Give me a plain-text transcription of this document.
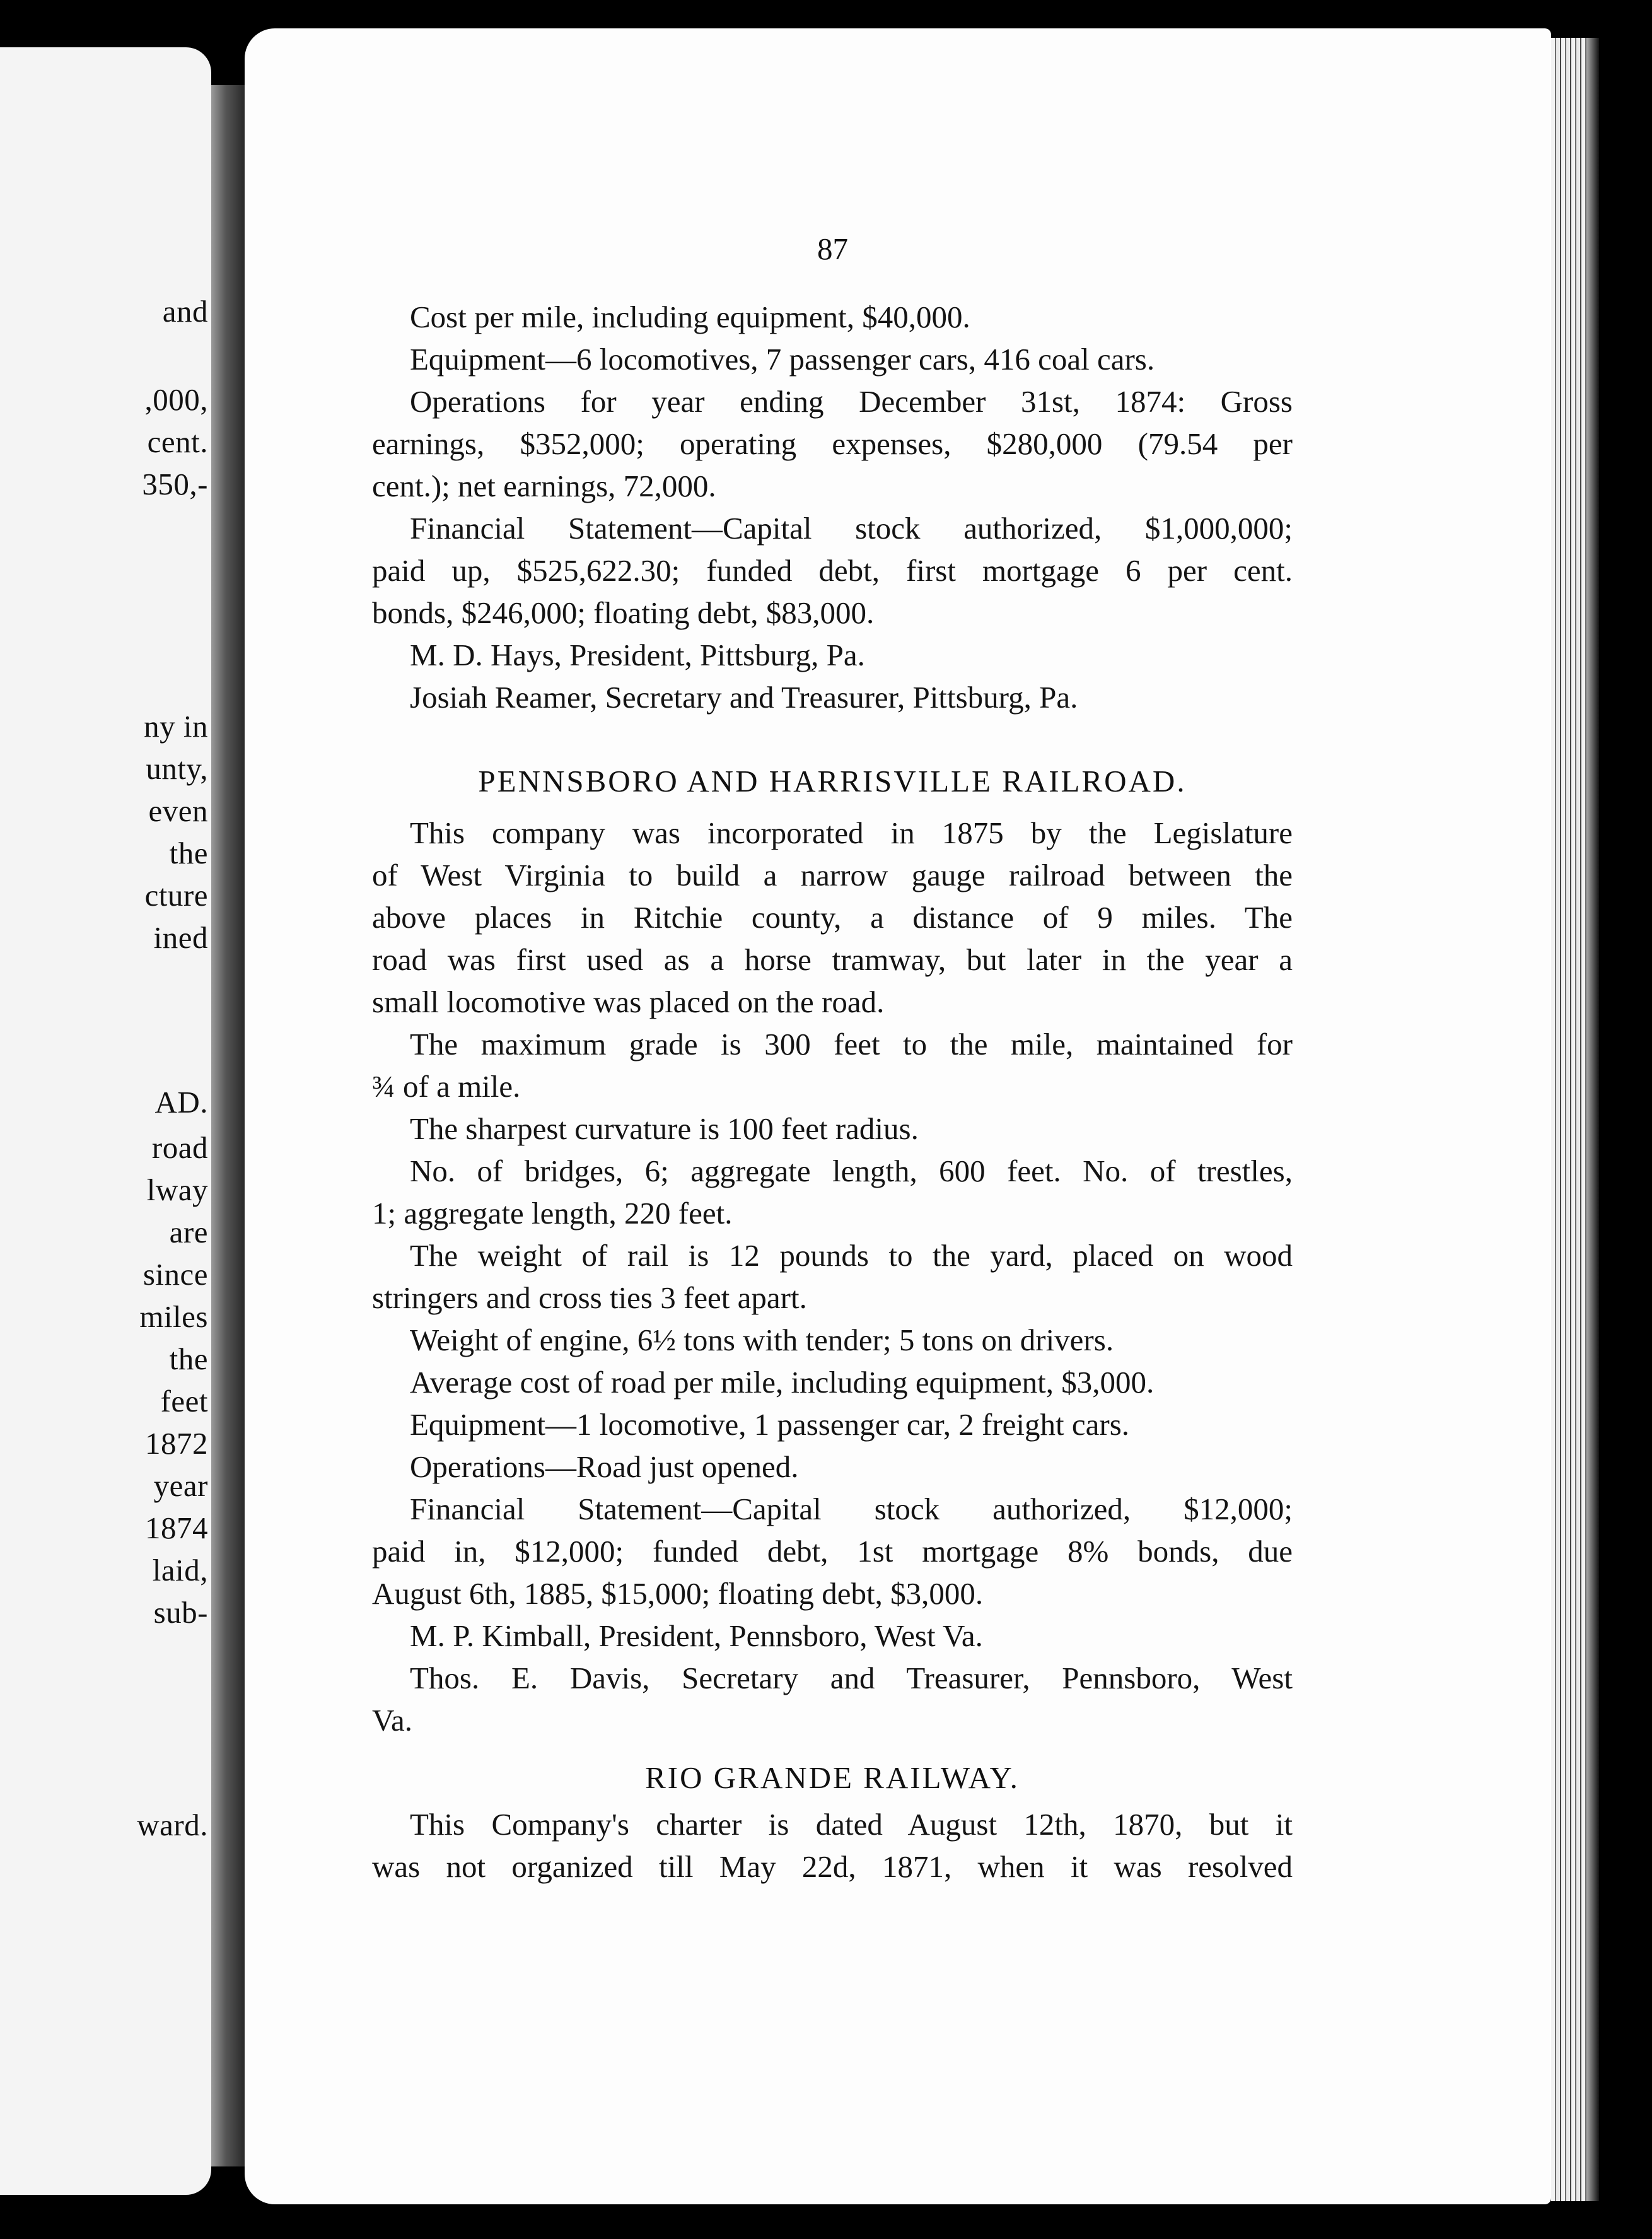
and
,000,
cent.
350,-
ny in
unty,
even
the
cture
ined
AD.
road
lway
are
since
miles
the
feet
1872
year
1874
laid,
sub-
ward.
87
Cost per mile, including equipment, $40,000.
Equipment—6 locomotives, 7 passenger cars, 416 coal cars.
Operations for year ending December 31st, 1874: Gross
earnings, $352,000; operating expenses, $280,000 (79.54 per
cent.); net earnings, 72,000.
Financial Statement—Capital stock authorized, $1,000,000;
paid up, $525,622.30; funded debt, first mortgage 6 per cent.
bonds, $246,000; floating debt, $83,000.
M. D. Hays, President, Pittsburg, Pa.
Josiah Reamer, Secretary and Treasurer, Pittsburg, Pa.
PENNSBORO AND HARRISVILLE RAILROAD.
This company was incorporated in 1875 by the Legislature
of West Virginia to build a narrow gauge railroad between the
above places in Ritchie county, a distance of 9 miles. The
road was first used as a horse tramway, but later in the year a
small locomotive was placed on the road.
The maximum grade is 300 feet to the mile, maintained for
¾ of a mile.
The sharpest curvature is 100 feet radius.
No. of bridges, 6; aggregate length, 600 feet. No. of trestles,
1; aggregate length, 220 feet.
The weight of rail is 12 pounds to the yard, placed on wood
stringers and cross ties 3 feet apart.
Weight of engine, 6½ tons with tender; 5 tons on drivers.
Average cost of road per mile, including equipment, $3,000.
Equipment—1 locomotive, 1 passenger car, 2 freight cars.
Operations—Road just opened.
Financial Statement—Capital stock authorized, $12,000;
paid in, $12,000; funded debt, 1st mortgage 8% bonds, due
August 6th, 1885, $15,000; floating debt, $3,000.
M. P. Kimball, President, Pennsboro, West Va.
Thos. E. Davis, Secretary and Treasurer, Pennsboro, West
Va.
RIO GRANDE RAILWAY.
This Company's charter is dated August 12th, 1870, but it
was not organized till May 22d, 1871, when it was resolved
